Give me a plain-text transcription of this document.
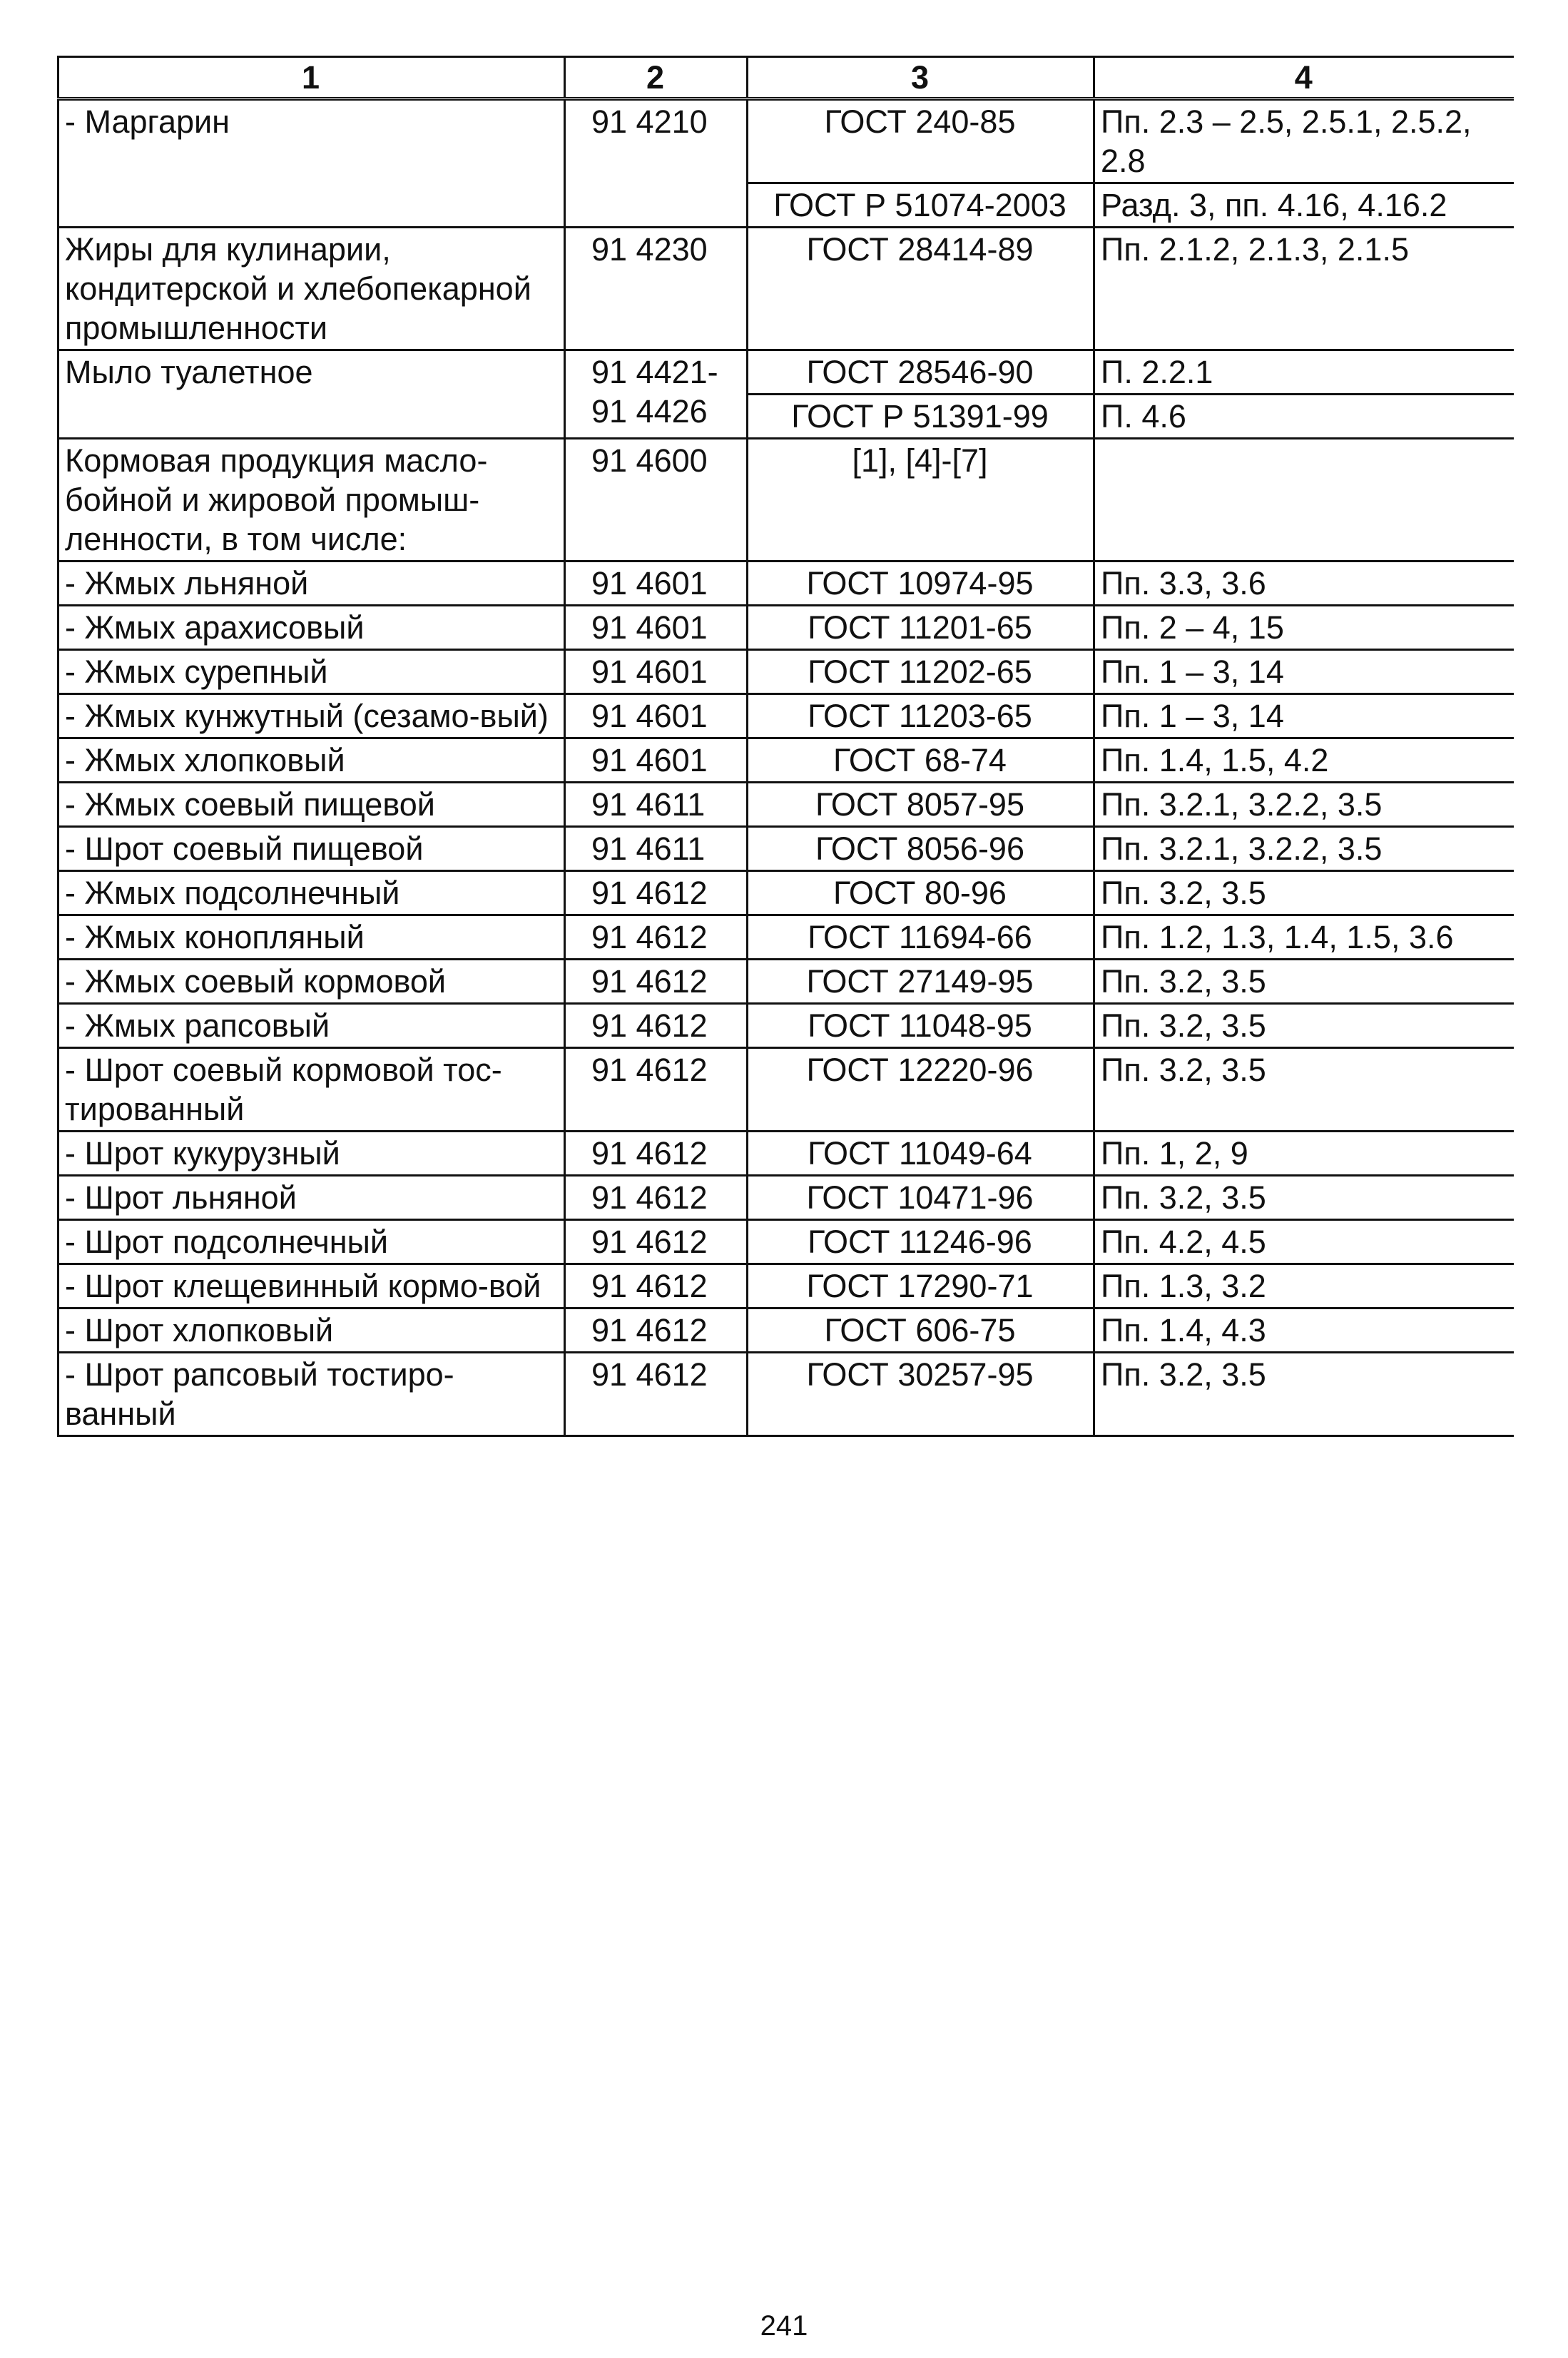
1	2	3	4
- Маргарин	91 4210	ГОСТ 240-85	Пп. 2.3 – 2.5, 2.5.1, 2.5.2, 2.8
		ГОСТ Р 51074-2003	Разд. 3, пп. 4.16, 4.16.2
Жиры для кулинарии, кондитерской и хлебопекарной промышленности	91 4230	ГОСТ 28414-89	Пп. 2.1.2, 2.1.3, 2.1.5
Мыло туалетное	91 4421- 91 4426	ГОСТ 28546-90	П. 2.2.1
		ГОСТ Р 51391-99	П. 4.6
Кормовая продукция масло-бойной и жировой промыш-ленности, в том числе:	91 4600	[1], [4]-[7]	
- Жмых льняной	91 4601	ГОСТ 10974-95	Пп. 3.3, 3.6
- Жмых арахисовый	91 4601	ГОСТ 11201-65	Пп. 2 – 4, 15
- Жмых сурепный	91 4601	ГОСТ 11202-65	Пп. 1 – 3, 14
- Жмых кунжутный (сезамо-вый)	91 4601	ГОСТ 11203-65	Пп. 1 – 3, 14
- Жмых хлопковый	91 4601	ГОСТ 68-74	Пп. 1.4, 1.5, 4.2
- Жмых соевый пищевой	91 4611	ГОСТ 8057-95	Пп. 3.2.1, 3.2.2, 3.5
- Шрот соевый пищевой	91 4611	ГОСТ 8056-96	Пп. 3.2.1, 3.2.2, 3.5
- Жмых подсолнечный	91 4612	ГОСТ 80-96	Пп. 3.2, 3.5
- Жмых конопляный	91 4612	ГОСТ 11694-66	Пп. 1.2, 1.3, 1.4, 1.5, 3.6
- Жмых соевый кормовой	91 4612	ГОСТ 27149-95	Пп. 3.2, 3.5
- Жмых рапсовый	91 4612	ГОСТ 11048-95	Пп. 3.2, 3.5
- Шрот соевый кормовой тос-тированный	91 4612	ГОСТ 12220-96	Пп. 3.2, 3.5
- Шрот кукурузный	91 4612	ГОСТ 11049-64	Пп. 1, 2, 9
- Шрот льняной	91 4612	ГОСТ 10471-96	Пп. 3.2, 3.5
- Шрот подсолнечный	91 4612	ГОСТ 11246-96	Пп. 4.2, 4.5
- Шрот клещевинный кормо-вой	91 4612	ГОСТ 17290-71	Пп. 1.3, 3.2
- Шрот хлопковый	91 4612	ГОСТ 606-75	Пп. 1.4, 4.3
- Шрот рапсовый тостиро-ванный	91 4612	ГОСТ 30257-95	Пп. 3.2, 3.5
241
